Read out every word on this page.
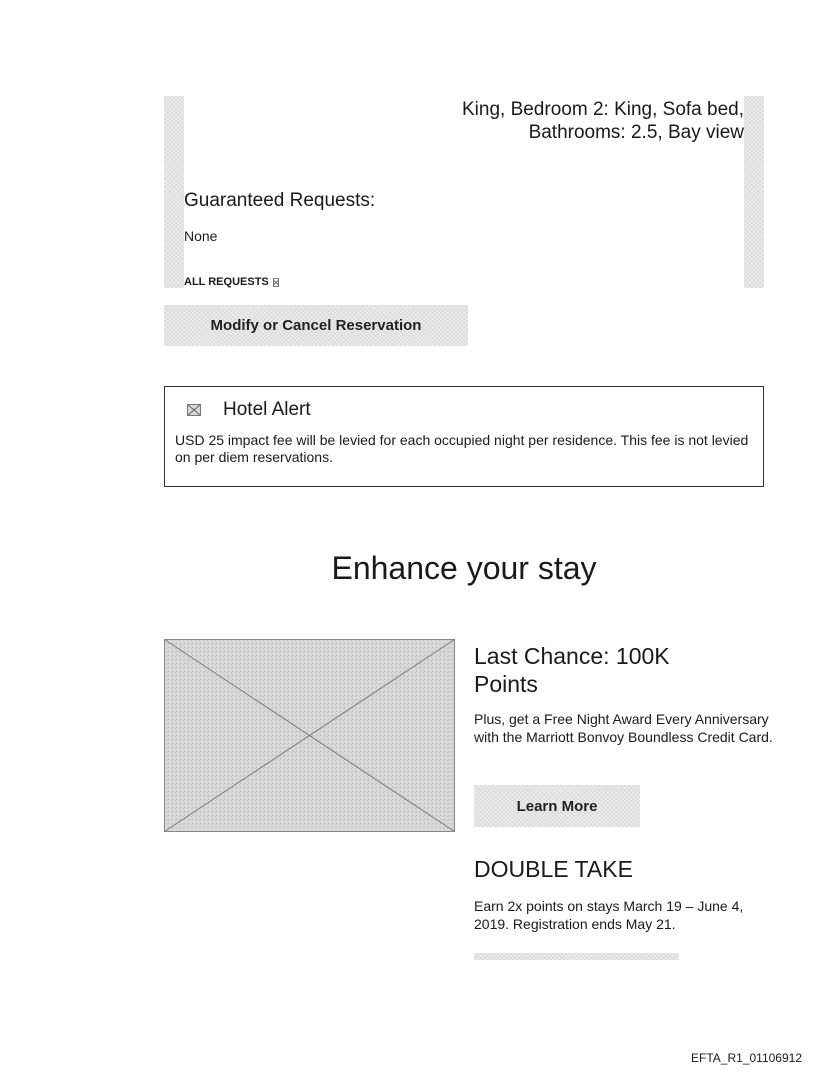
King, Bedroom 2: King, Sofa bed,
Bathrooms: 2.5, Bay view

Guaranteed Requests:

None

ALL REQUESTS
Modify or Cancel Reservation
Hotel Alert

USD 25 impact fee will be levied for each occupied night per residence. This fee is not levied on per diem reservations.

Enhance your stay
Last Chance: 100K Points

Plus, get a Free Night Award Every Anniversary with the Marriott Bonvoy Boundless Credit Card.

Learn More
DOUBLE TAKE

Earn 2x points on stays March 19 – June 4, 2019. Registration ends May 21.

EFTA_R1_01106912
